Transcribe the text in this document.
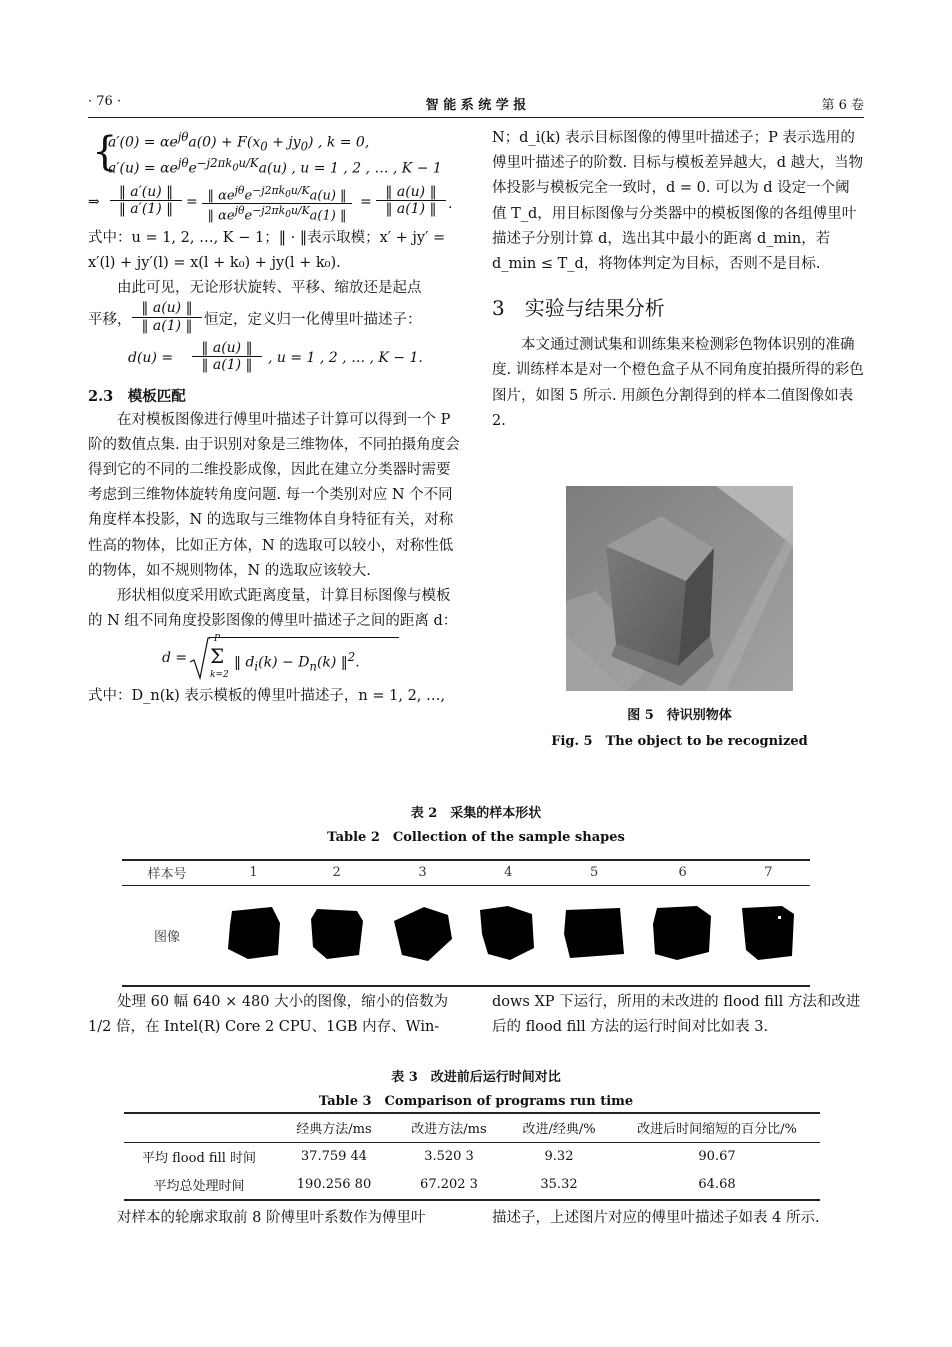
· 76 ·	智 能 系 统 学 报	第 6 卷
{
$a'(0) = \alpha e^{j\theta}a(0) + F(x_0 + jy_0)$ , k = 0,
$a'(u) = \alpha e^{j\theta}e^{-j2\pi k_0u/K}a(u)$ , u = 1 , 2 , … , K − 1
⇒
‖ a′(u) ‖
‖ a′(1) ‖ = ‖ $\alpha e^{j\theta}e^{-j2\pi k_0u/K}a(u)$ ‖
‖ $\alpha e^{j\theta}e^{-j2\pi k_0u/K}a(1)$ ‖
=
‖ a(u) ‖
‖ a(1) ‖ .
式中：u = 1, 2, …, K − 1；‖ · ‖表示取模；x′ + jy′ = x′(l) + jy′(l) = x(l + k₀) + jy(l + k₀).
由此可见，无论形状旋转、平移、缩放还是起点
平移，
‖ a(u) ‖
‖ a(1) ‖ 恒定，定义归一化傅里叶描述子：
d(u) =
‖ a(u) ‖
‖ a(1) ‖	, u = 1 , 2 , … , K − 1.
2.3　模板匹配
在对模板图像进行傅里叶描述子计算可以得到一个 P 阶的数值点集. 由于识别对象是三维物体，不同拍摄角度会得到它的不同的二维投影成像，因此在建立分类器时需要考虑到三维物体旋转角度问题. 每一个类别对应 N 个不同角度样本投影，N 的选取与三维物体自身特征有关，对称性高的物体，比如正方体，N 的选取可以较小，对称性低的物体，如不规则物体，N 的选取应该较大.
形状相似度采用欧式距离度量，计算目标图像与模板的 N 组不同角度投影图像的傅里叶描述子之间的距离 d：
d =
P
Σ
k=2
‖ $d_i(k) - D_n(k)$ ‖$^2$.
式中：D_n(k) 表示模板的傅里叶描述子，n = 1, 2, …,
N；d_i(k) 表示目标图像的傅里叶描述子；P 表示选用的傅里叶描述子的阶数. 目标与模板差异越大，d 越大，当物体投影与模板完全一致时，d = 0. 可以为 d 设定一个阈值 T_d，用目标图像与分类器中的模板图像的各组傅里叶描述子分别计算 d，选出其中最小的距离 d_min，若 d_min ≤ T_d，将物体判定为目标，否则不是目标.
3　实验与结果分析
本文通过测试集和训练集来检测彩色物体识别的准确度. 训练样本是对一个橙色盒子从不同角度拍摄所得的彩色图片，如图 5 所示. 用颜色分割得到的样本二值图像如表 2.
图 5　待识别物体
Fig. 5　The object to be recognized
表 2　采集的样本形状
Table 2　Collection of the sample shapes
样本号	1	2	3	4	5	6	7
图像							
处理 60 幅 640 × 480 大小的图像，缩小的倍数为 1/2 倍，在 Intel(R) Core 2 CPU、1GB 内存、Win-
dows XP 下运行，所用的未改进的 flood fill 方法和改进后的 flood fill 方法的运行时间对比如表 3.
表 3　改进前后运行时间对比
Table 3　Comparison of programs run time
	经典方法/ms	改进方法/ms	改进/经典/%	改进后时间缩短的百分比/%
平均 flood fill 时间	37.759 44	3.520 3	9.32	90.67
平均总处理时间	190.256 80	67.202 3	35.32	64.68
对样本的轮廓求取前 8 阶傅里叶系数作为傅里叶	描述子，上述图片对应的傅里叶描述子如表 4 所示.
